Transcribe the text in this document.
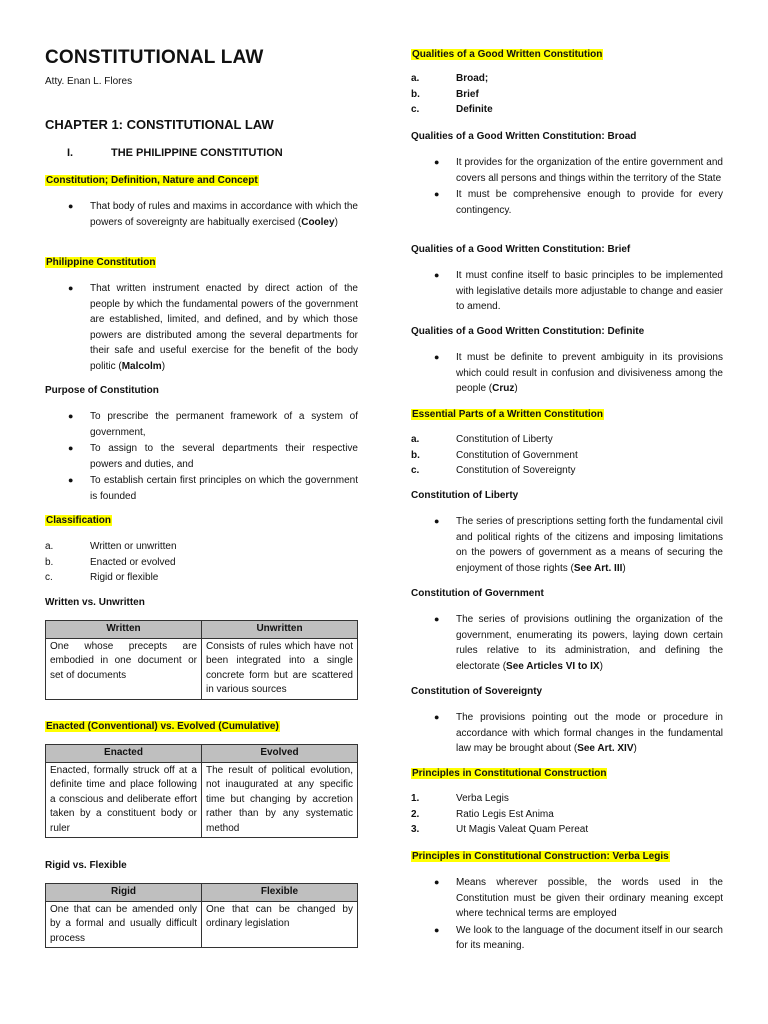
CONSTITUTIONAL LAW
Atty. Enan L. Flores
CHAPTER 1: CONSTITUTIONAL LAW
I.	THE PHILIPPINE CONSTITUTION
Constitution; Definition, Nature and Concept
● That body of rules and maxims in accordance with which the powers of sovereignty are habitually exercised (Cooley)
Philippine Constitution
● That written instrument enacted by direct action of the people by which the fundamental powers of the government are established, limited, and defined, and by which those powers are distributed among the several departments for their safe and useful exercise for the benefit of the body politic (Malcolm)
Purpose of Constitution
● To prescribe the permanent framework of a system of government,
● To assign to the several departments their respective powers and duties, and
● To establish certain first principles on which the government is founded
Classification
a.	Written or unwritten
b.	Enacted or evolved
c.	Rigid or flexible
Written vs. Unwritten
Written	Unwritten
One whose precepts are embodied in one document or set of documents	Consists of rules which have not been integrated into a single concrete form but are scattered in various sources
Enacted (Conventional) vs. Evolved (Cumulative)
Enacted	Evolved
Enacted, formally struck off at a definite time and place following a conscious and deliberate effort taken by a constituent body or ruler	The result of political evolution, not inaugurated at any specific time but changing by accretion rather than by any systematic method
Rigid vs. Flexible
Rigid	Flexible
One that can be amended only by a formal and usually difficult process	One that can be changed by ordinary legislation
Qualities of a Good Written Constitution
a.	Broad;
b.	Brief
c.	Definite
Qualities of a Good Written Constitution: Broad
● It provides for the organization of the entire government and covers all persons and things within the territory of the State
● It must be comprehensive enough to provide for every contingency.
Qualities of a Good Written Constitution: Brief
● It must confine itself to basic principles to be implemented with legislative details more adjustable to change and easier to amend.
Qualities of a Good Written Constitution: Definite
● It must be definite to prevent ambiguity in its provisions which could result in confusion and divisiveness among the people (Cruz)
Essential Parts of a Written Constitution
a.	Constitution of Liberty
b.	Constitution of Government
c.	Constitution of Sovereignty
Constitution of Liberty
● The series of prescriptions setting forth the fundamental civil and political rights of the citizens and imposing limitations on the powers of government as a means of securing the enjoyment of those rights (See Art. III)
Constitution of Government
● The series of provisions outlining the organization of the government, enumerating its powers, laying down certain rules relative to its administration, and defining the electorate (See Articles VI to IX)
Constitution of Sovereignty
● The provisions pointing out the mode or procedure in accordance with which formal changes in the fundamental law may be brought about (See Art. XIV)
Principles in Constitutional Construction
1.	Verba Legis
2.	Ratio Legis Est Anima
3.	Ut Magis Valeat Quam Pereat
Principles in Constitutional Construction: Verba Legis
● Means wherever possible, the words used in the Constitution must be given their ordinary meaning except where technical terms are employed
● We look to the language of the document itself in our search for its meaning.
